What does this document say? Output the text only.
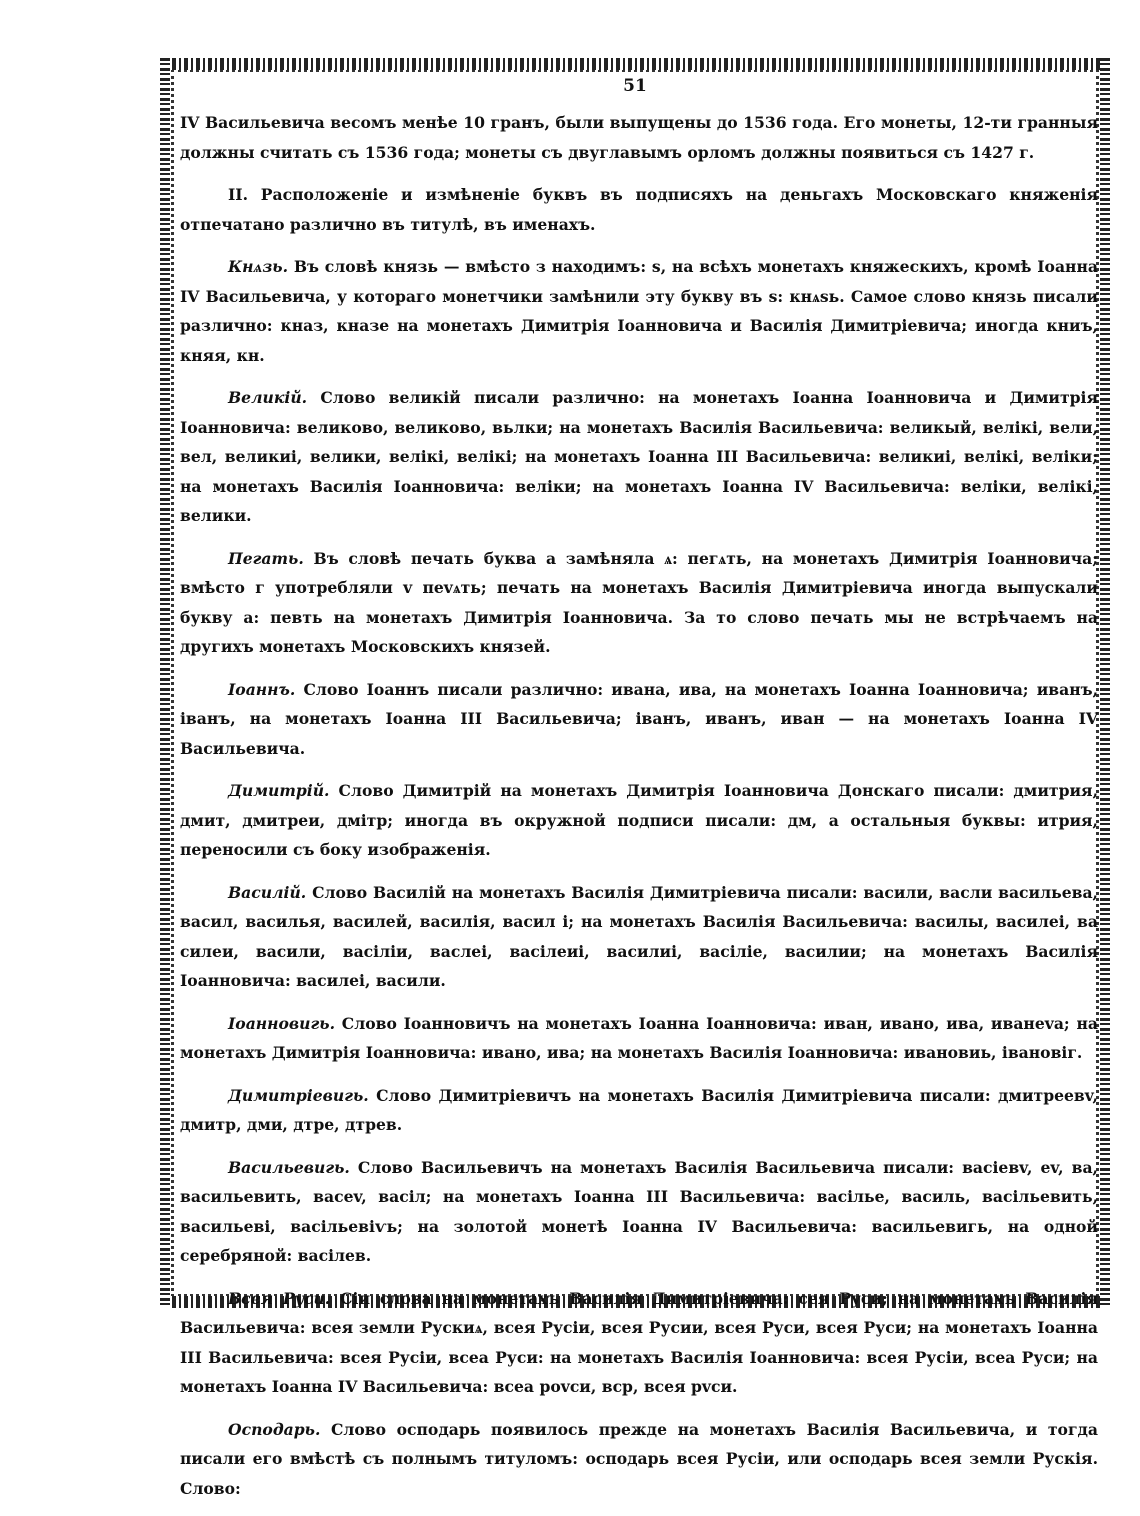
51

IV Васильевича весомъ менѣе 10 гранъ, были выпущены до 1536 года. Его монеты, 12-ти гранныя должны считать съ 1536 года; монеты съ двуглавымъ орломъ должны появиться съ 1427 г.

II. Расположеніе и измѣненіе буквъ въ подписяхъ на деньгахъ Московскаго княженія отпечатано различно въ титулѣ, въ именахъ.

Кнѧзь. Въ словѣ князь — вмѣсто з находимъ: ѕ, на всѣхъ монетахъ княжескихъ, кромѣ Іоанна IV Васильевича, у котораго монетчики замѣнили эту букву въ ѕ: кнѧѕь. Самое слово князь писали различно: кназ, кназе на монетахъ Димитрія Іоанновича и Василія Димитріевича; иногда книъ, княя, кн.

Великій. Слово великій писали различно: на монетахъ Іоанна Іоанновича и Димитрія Іоанновича: великово, великово, вьлки; на монетахъ Василія Васильевича: великый, велікі, вели, вел, великиі, велики, велікі, велікі; на монетахъ Іоанна III Васильевича: великиі, велікі, веліки; на монетахъ Василія Іоанновича: веліки; на монетахъ Іоанна IV Васильевича: веліки, велікі, велики.

Пегать. Въ словѣ печать буква а замѣняла ѧ: пегѧть, на монетахъ Димитрія Іоанновича; вмѣсто г употребляли v пеvѧть; печать на монетахъ Василія Димитріевича иногда выпускали букву а: певть на монетахъ Димитрія Іоанновича. За то слово печать мы не встрѣчаемъ на другихъ монетахъ Московскихъ князей.

Іоаннъ. Слово Іоаннъ писали различно: ивана, ива, на монетахъ Іоанна Іоанновича; иванъ, іванъ, на монетахъ Іоанна III Васильевича; іванъ, иванъ, иван — на монетахъ Іоанна IV Васильевича.

Димитрій. Слово Димитрій на монетахъ Димитрія Іоанновича Донскаго писали: дмитрия, дмит, дмитреи, дмітр; иногда въ окружной подписи писали: дм, а остальныя буквы: итрия, переносили съ боку изображенія.

Василій. Слово Василій на монетахъ Василія Димитріевича писали: васили, васли васильева, васил, василья, василей, василія, васил і; на монетахъ Василія Васильевича: василы, василеі, ва силеи, васили, васіліи, васлеі, васілеиі, василиі, васіліе, василии; на монетахъ Василія Іоанновича: василеі, васили.

Іоанновигь. Слово Іоанновичъ на монетахъ Іоанна Іоанновича: иван, ивано, ива, иванеvа; на монетахъ Димитрія Іоанновича: ивано, ива; на монетахъ Василія Іоанновича: ивановиь, івановіг.

Димитріевигь. Слово Димитріевичъ на монетахъ Василія Димитріевича писали: дмитреевv, дмитр, дми, дтре, дтрев.

Васильевигь. Слово Васильевичъ на монетахъ Василія Васильевича писали: васіевv, ev, ва, васильевить, васеv, васіл; на монетахъ Іоанна III Васильевича: васілье, василь, васільевить, васильеві, васільевіѵь; на золотой монетѣ Іоанна IV Васильевича: васильевигь, на одной серебряной: васілев.

Всея Руси. Сіи слова на монетахъ Василія Димитріевича: сея Руси; на монетахъ Василія Васильевича: всея земли Рускиѧ, всея Русіи, всея Русии, всея Руси, всея Руси; на монетахъ Іоанна III Васильевича: всея Русіи, всеа Руси: на монетахъ Василія Іоанновича: всея Русіи, всеа Руси; на монетахъ Іоанна IV Васильевича: всеа роvси, вср, всея рvси.

Осподарь. Слово осподарь появилось прежде на монетахъ Василія Васильевича, и тогда писали его вмѣстѣ съ полнымъ титуломъ: осподарь всея Русіи, или осподарь всея земли Рускія. Слово:
